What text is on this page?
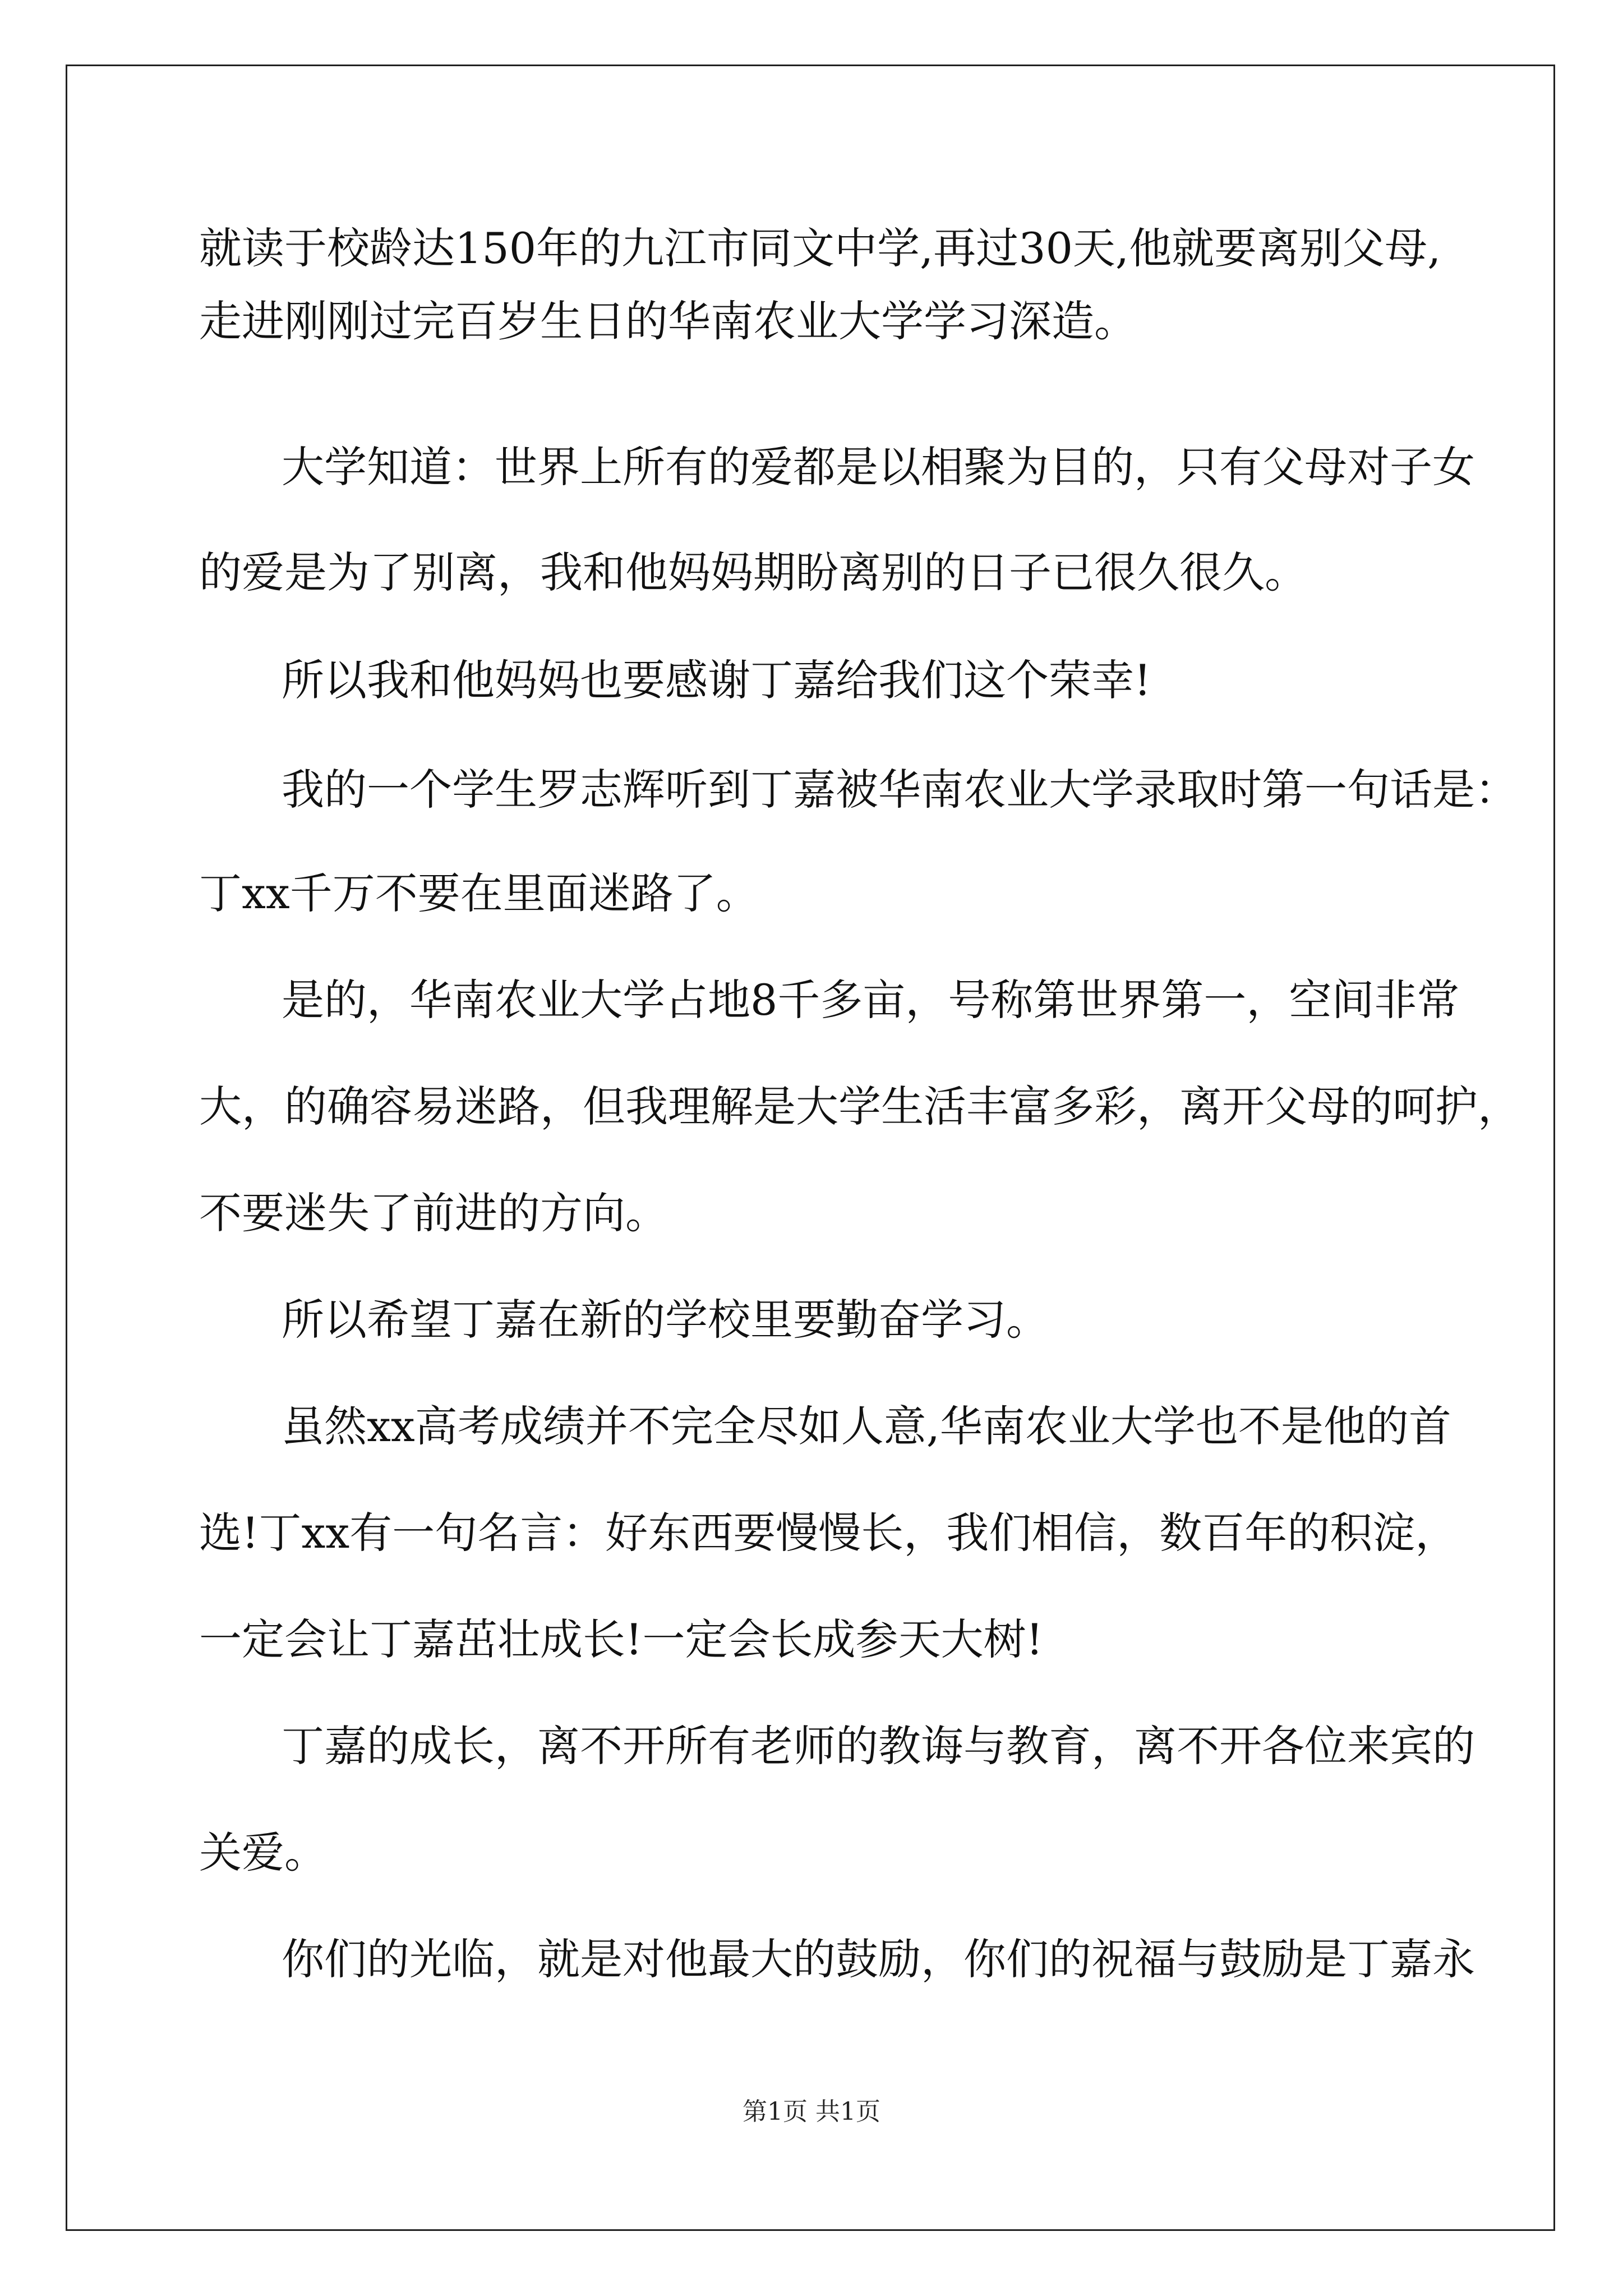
就读于校龄达150年的九江市同文中学,再过30天,他就要离别父母,
走进刚刚过完百岁生日的华南农业大学学习深造。
大学知道：世界上所有的爱都是以相聚为目的，只有父母对子女
的爱是为了别离，我和他妈妈期盼离别的日子已很久很久。
所以我和他妈妈也要感谢丁嘉给我们这个荣幸!
我的一个学生罗志辉听到丁嘉被华南农业大学录取时第一句话是：
丁xx千万不要在里面迷路了。
是的，华南农业大学占地8千多亩，号称第世界第一，空间非常
大，的确容易迷路，但我理解是大学生活丰富多彩，离开父母的呵护，
不要迷失了前进的方向。
所以希望丁嘉在新的学校里要勤奋学习。
虽然xx高考成绩并不完全尽如人意,华南农业大学也不是他的首
选!丁xx有一句名言：好东西要慢慢长，我们相信，数百年的积淀，
一定会让丁嘉茁壮成长!一定会长成参天大树!
丁嘉的成长，离不开所有老师的教诲与教育，离不开各位来宾的
关爱。
你们的光临，就是对他最大的鼓励，你们的祝福与鼓励是丁嘉永
第1页 共1页
